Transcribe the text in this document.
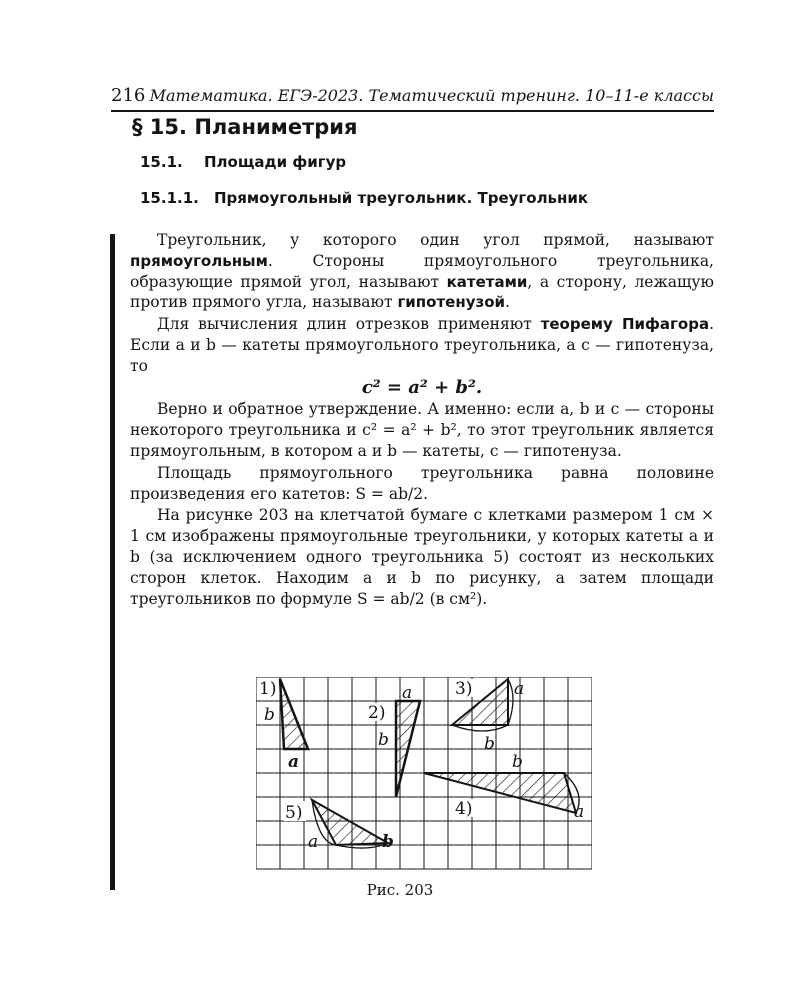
216 Математика. ЕГЭ-2023. Тематический тренинг. 10–11-е классы
§ 15. Планиметрия
15.1. Площади фигур
15.1.1. Прямоугольный треугольник. Треугольник

Треугольник, у которого один угол прямой, называют прямоугольным. Стороны прямоугольного треугольника, образующие прямой угол, называют катетами, а сторону, лежащую против прямого угла, называют гипотенузой.

Для вычисления длин отрезков применяют теорему Пифагора. Если a и b — катеты прямоугольного треугольника, а c — гипотенуза, то

c² = a² + b².

Верно и обратное утверждение. А именно: если a, b и c — стороны некоторого треугольника и c² = a² + b², то этот треугольник является прямоугольным, в котором a и b — катеты, c — гипотенуза.

Площадь прямоугольного треугольника равна половине произведения его катетов: S = ab/2.

На рисунке 203 на клетчатой бумаге с клетками размером 1 см × 1 см изображены прямоугольные треугольники, у которых катеты a и b (за исключением одного треугольника 5) состоят из нескольких сторон клеток. Находим a и b по рисунку, а затем площади треугольников по формуле S = ab/2 (в см²).

1)
b
a
2)
a
b
3) a
b
4)
b
a
5)
a	b
Рис. 203
